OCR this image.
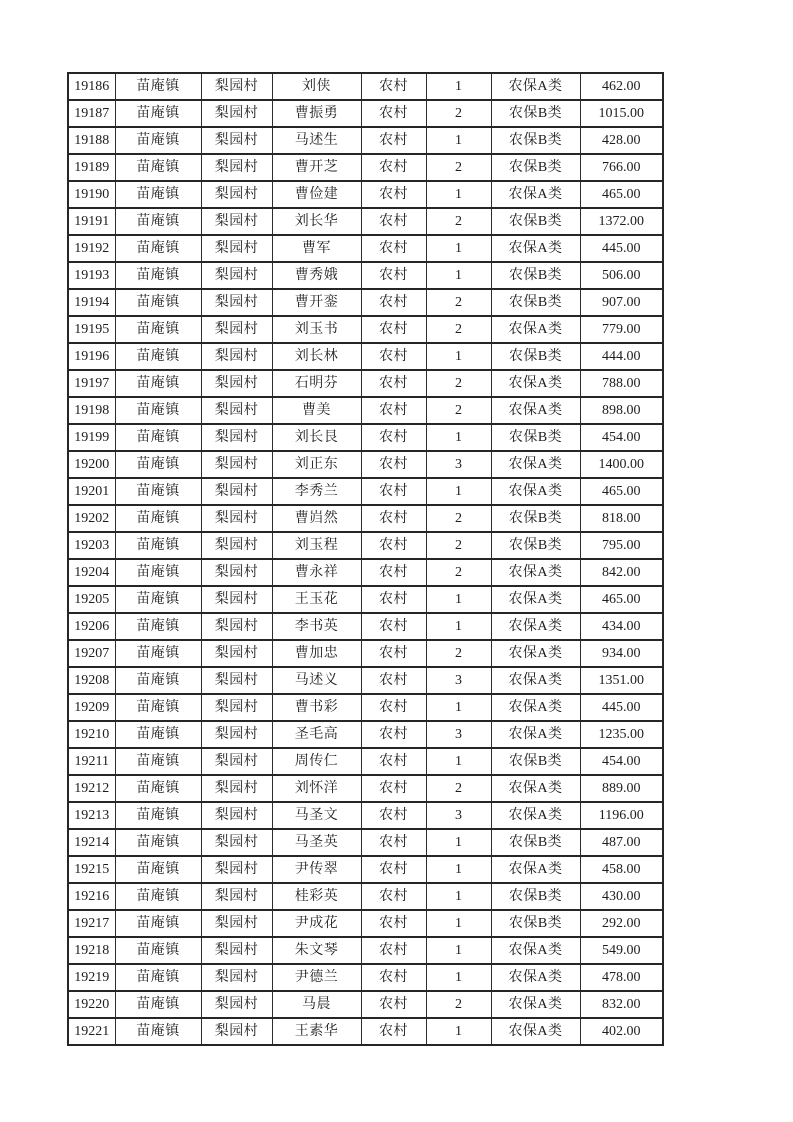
19186	苗庵镇	梨园村	刘侠	农村	1	农保A类	462.00
19187	苗庵镇	梨园村	曹振勇	农村	2	农保B类	1015.00
19188	苗庵镇	梨园村	马述生	农村	1	农保B类	428.00
19189	苗庵镇	梨园村	曹开芝	农村	2	农保B类	766.00
19190	苗庵镇	梨园村	曹俭建	农村	1	农保A类	465.00
19191	苗庵镇	梨园村	刘长华	农村	2	农保B类	1372.00
19192	苗庵镇	梨园村	曹军	农村	1	农保A类	445.00
19193	苗庵镇	梨园村	曹秀娥	农村	1	农保B类	506.00
19194	苗庵镇	梨园村	曹开銮	农村	2	农保B类	907.00
19195	苗庵镇	梨园村	刘玉书	农村	2	农保A类	779.00
19196	苗庵镇	梨园村	刘长林	农村	1	农保B类	444.00
19197	苗庵镇	梨园村	石明芬	农村	2	农保A类	788.00
19198	苗庵镇	梨园村	曹美	农村	2	农保A类	898.00
19199	苗庵镇	梨园村	刘长艮	农村	1	农保B类	454.00
19200	苗庵镇	梨园村	刘正东	农村	3	农保A类	1400.00
19201	苗庵镇	梨园村	李秀兰	农村	1	农保A类	465.00
19202	苗庵镇	梨园村	曹岿然	农村	2	农保B类	818.00
19203	苗庵镇	梨园村	刘玉程	农村	2	农保B类	795.00
19204	苗庵镇	梨园村	曹永祥	农村	2	农保A类	842.00
19205	苗庵镇	梨园村	王玉花	农村	1	农保A类	465.00
19206	苗庵镇	梨园村	李书英	农村	1	农保A类	434.00
19207	苗庵镇	梨园村	曹加忠	农村	2	农保A类	934.00
19208	苗庵镇	梨园村	马述义	农村	3	农保A类	1351.00
19209	苗庵镇	梨园村	曹书彩	农村	1	农保A类	445.00
19210	苗庵镇	梨园村	圣毛高	农村	3	农保A类	1235.00
19211	苗庵镇	梨园村	周传仁	农村	1	农保B类	454.00
19212	苗庵镇	梨园村	刘怀洋	农村	2	农保A类	889.00
19213	苗庵镇	梨园村	马圣文	农村	3	农保A类	1196.00
19214	苗庵镇	梨园村	马圣英	农村	1	农保B类	487.00
19215	苗庵镇	梨园村	尹传翠	农村	1	农保A类	458.00
19216	苗庵镇	梨园村	桂彩英	农村	1	农保B类	430.00
19217	苗庵镇	梨园村	尹成花	农村	1	农保B类	292.00
19218	苗庵镇	梨园村	朱文琴	农村	1	农保A类	549.00
19219	苗庵镇	梨园村	尹德兰	农村	1	农保A类	478.00
19220	苗庵镇	梨园村	马晨	农村	2	农保A类	832.00
19221	苗庵镇	梨园村	王素华	农村	1	农保A类	402.00
